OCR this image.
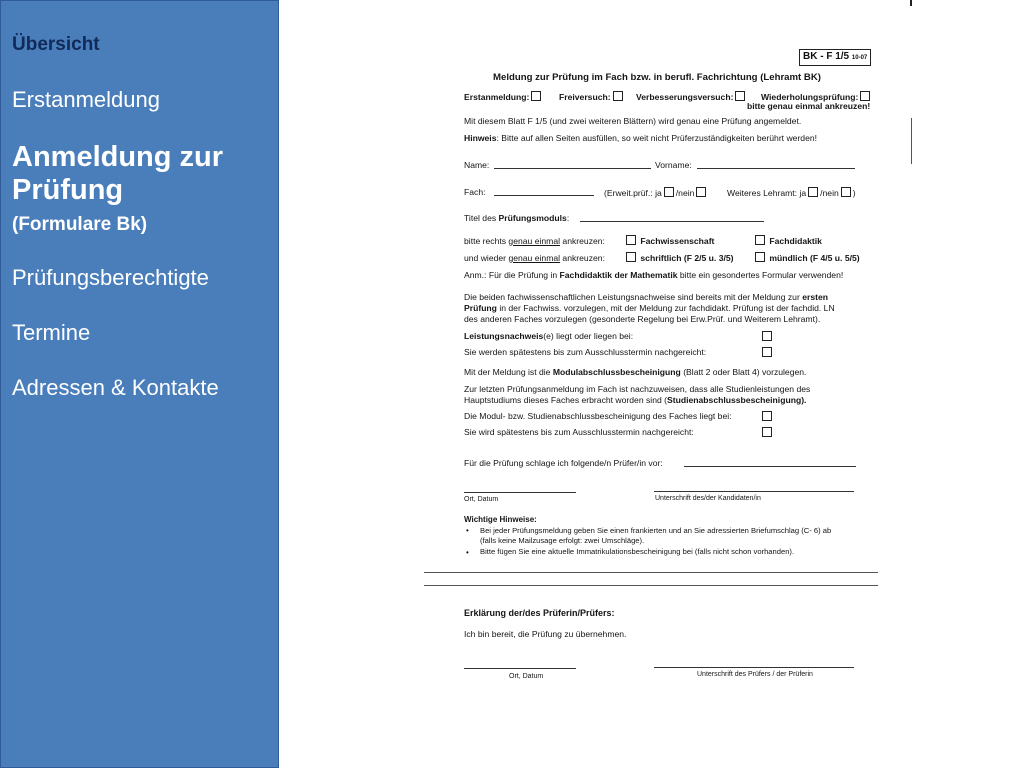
Übersicht
Erstanmeldung
Anmeldung zur Prüfung
(Formulare Bk)
Prüfungsberechtigte
Termine
Adressen & Kontakte
BK - F 1/5 10-07
Meldung zur Prüfung im Fach bzw. in berufl. Fachrichtung (Lehramt BK)
Erstanmeldung:	Freiversuch:	Verbesserungsversuch:	Wiederholungsprüfung:
bitte genau einmal ankreuzen!
Mit diesem Blatt F 1/5 (und zwei weiteren Blättern) wird genau eine Prüfung angemeldet.
Hinweis: Bitte auf allen Seiten ausfüllen, so weit nicht Prüferzuständigkeiten berührt werden!
Name:	Vorname:
Fach:	(Erweit.prüf.: ja /nein	Weiteres Lehramt: ja /nein )
Titel des Prüfungsmoduls:
bitte rechts genau einmal ankreuzen:	Fachwissenschaft	Fachdidaktik
und wieder genau einmal ankreuzen:	schriftlich (F 2/5 u. 3/5)	mündlich (F 4/5 u. 5/5)
Anm.: Für die Prüfung in Fachdidaktik der Mathematik bitte ein gesondertes Formular verwenden!
Die beiden fachwissenschaftlichen Leistungsnachweise sind bereits mit der Meldung zur ersten
Prüfung in der Fachwiss. vorzulegen, mit der Meldung zur fachdidakt. Prüfung ist der fachdid. LN
des anderen Faches vorzulegen (gesonderte Regelung bei Erw.Prüf. und Weiterem Lehramt).
Leistungsnachweis(e) liegt oder liegen bei:
Sie werden spätestens bis zum Ausschlusstermin nachgereicht:
Mit der Meldung ist die Modulabschlussbescheinigung (Blatt 2 oder Blatt 4) vorzulegen.
Zur letzten Prüfungsanmeldung im Fach ist nachzuweisen, dass alle Studienleistungen des
Hauptstudiums dieses Faches erbracht worden sind (Studienabschlussbescheinigung).
Die Modul- bzw. Studienabschlussbescheinigung des Faches liegt bei:
Sie wird spätestens bis zum Ausschlusstermin nachgereicht:
Für die Prüfung schlage ich folgende/n Prüfer/in vor:
Ort, Datum	Unterschrift des/der Kandidaten/in
Wichtige Hinweise:
• Bei jeder Prüfungsmeldung geben Sie einen frankierten und an Sie adressierten Briefumschlag (C- 6) ab
(falls keine Mailzusage erfolgt: zwei Umschläge).
• Bitte fügen Sie eine aktuelle Immatrikulationsbescheinigung bei (falls nicht schon vorhanden).
Erklärung der/des Prüferin/Prüfers:
Ich bin bereit, die Prüfung zu übernehmen.
Ort, Datum	Unterschrift des Prüfers / der Prüferin
